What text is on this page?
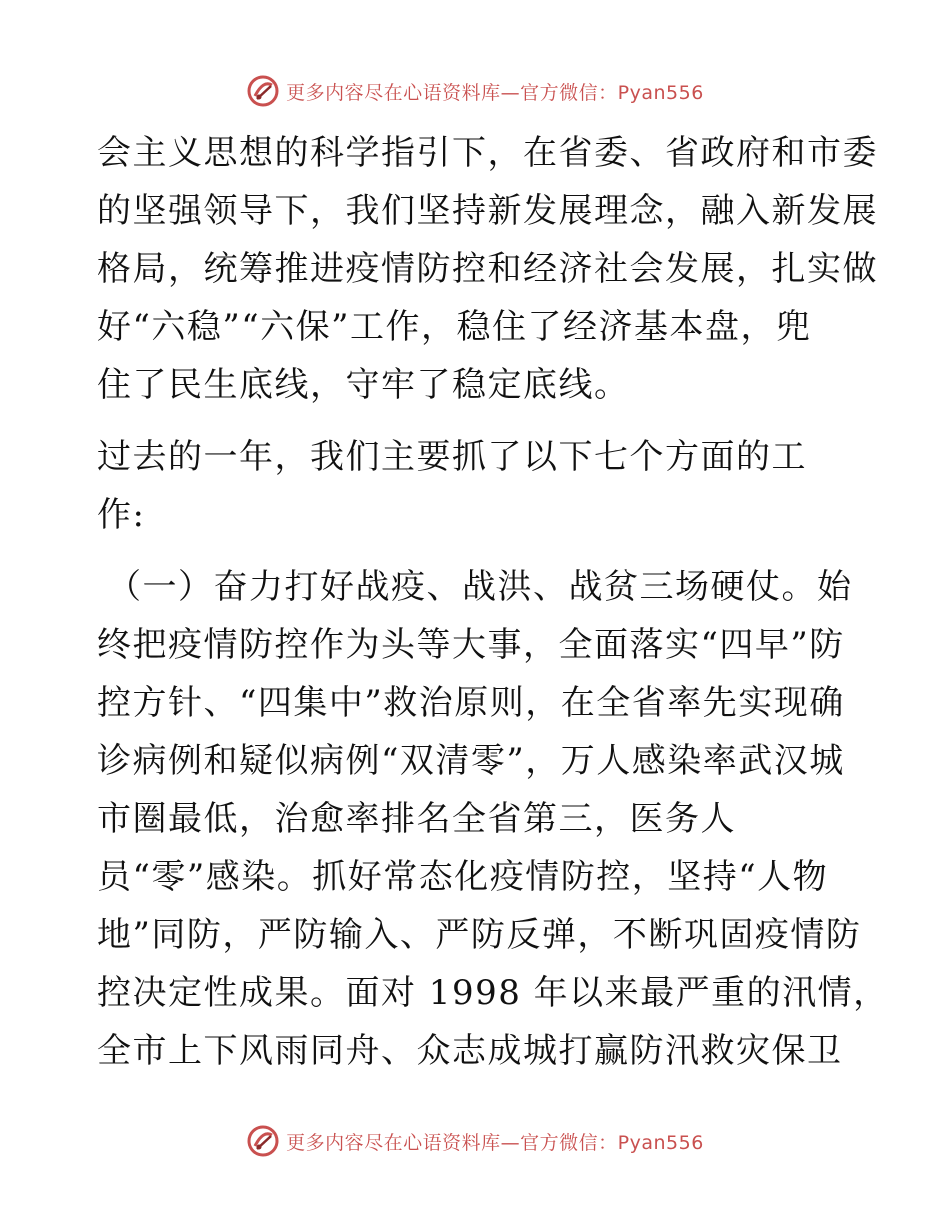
更多内容尽在心语资料库—官方微信：Pyan556
会主义思想的科学指引下，在省委、省政府和市委
的坚强领导下，我们坚持新发展理念，融入新发展
格局，统筹推进疫情防控和经济社会发展，扎实做
好“六稳”“六保”工作，稳住了经济基本盘，兜
住了民生底线，守牢了稳定底线。
过去的一年，我们主要抓了以下七个方面的工
作:
（一）奋力打好战疫、战洪、战贫三场硬仗。始
终把疫情防控作为头等大事，全面落实“四早”防
控方针、“四集中”救治原则，在全省率先实现确
诊病例和疑似病例“双清零”，万人感染率武汉城
市圈最低，治愈率排名全省第三，医务人
员“零”感染。抓好常态化疫情防控，坚持“人物
地”同防，严防输入、严防反弹，不断巩固疫情防
控决定性成果。面对 1998 年以来最严重的汛情，
全市上下风雨同舟、众志成城打赢防汛救灾保卫
更多内容尽在心语资料库—官方微信：Pyan556
